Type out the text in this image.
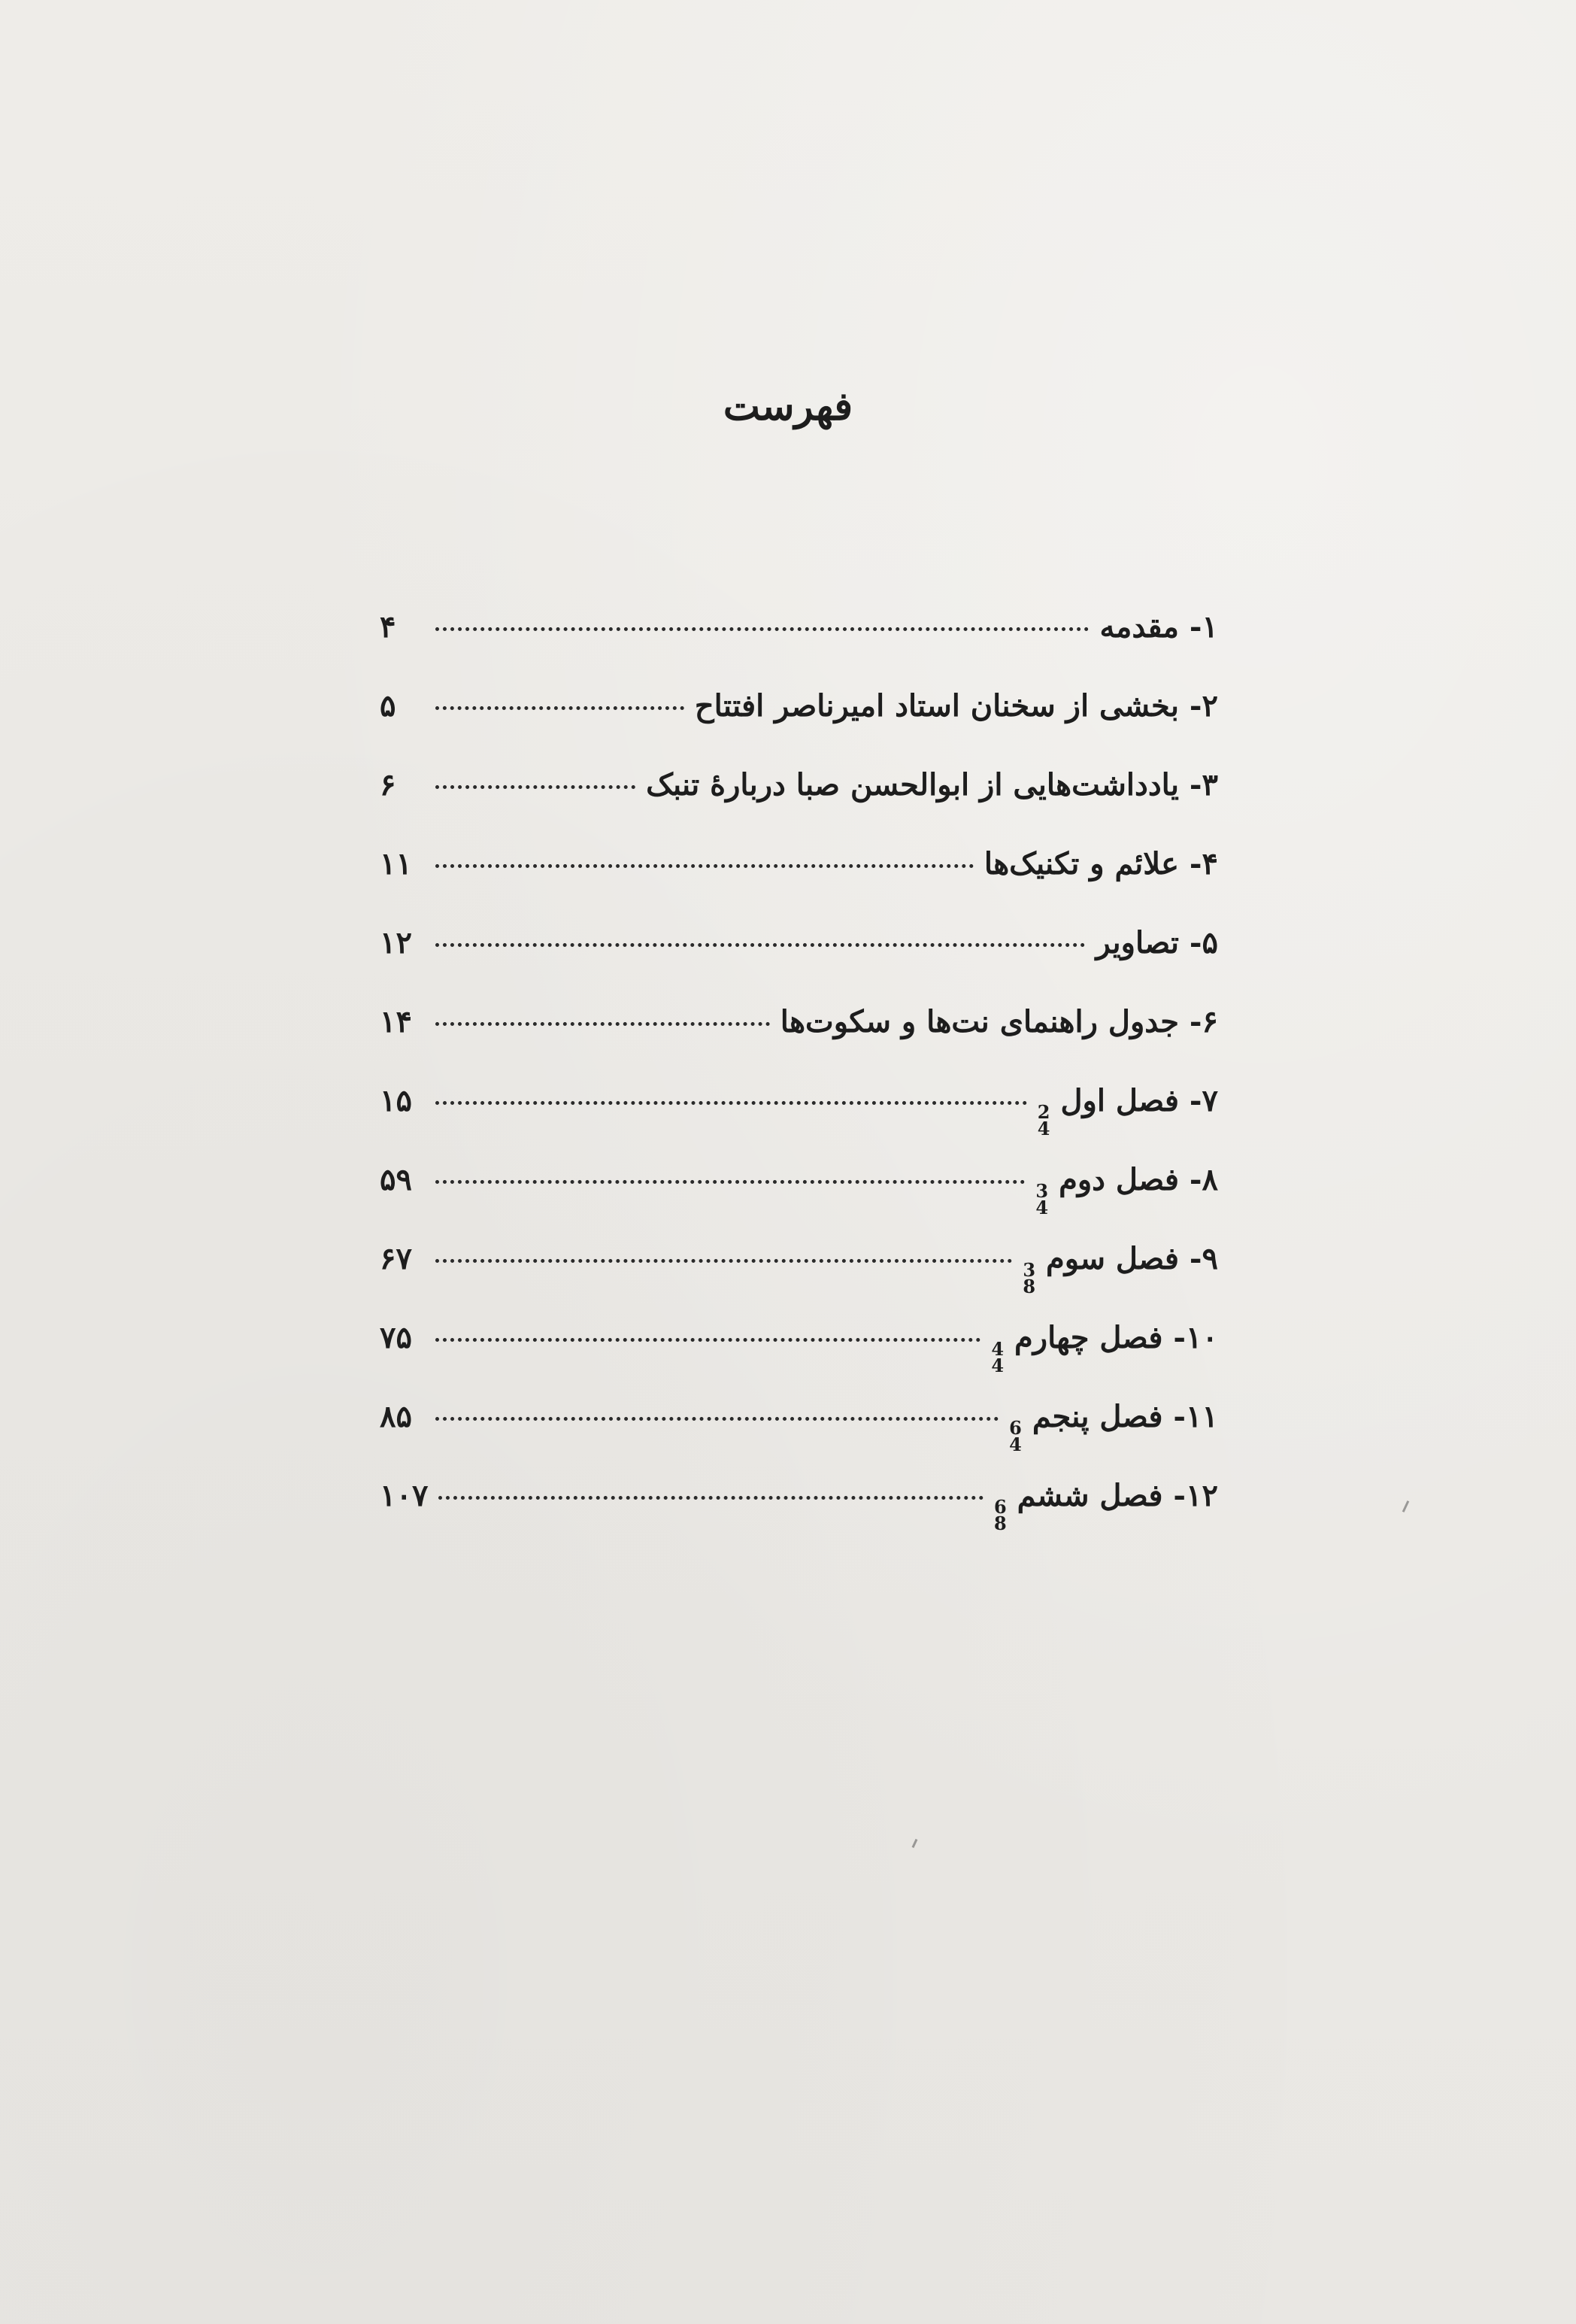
فهرست
۱- مقدمه
۴
۲- بخشی از سخنان استاد امیرناصر افتتاح
۵
۳- یادداشت‌هایی از ابوالحسن صبا دربارهٔ تنبک
۶
۴- علائم و تکنیک‌ها
۱۱
۵- تصاویر
۱۲
۶- جدول راهنمای نت‌ها و سکوت‌ها
۱۴
۷- فصل اول
2
4
۱۵
۸- فصل دوم
3
4
۵۹
۹- فصل سوم
3
8
۶۷
۱۰- فصل چهارم
4
4
۷۵
۱۱- فصل پنجم
6
4
۸۵
۱۲- فصل ششم
6
8
۱۰۷
